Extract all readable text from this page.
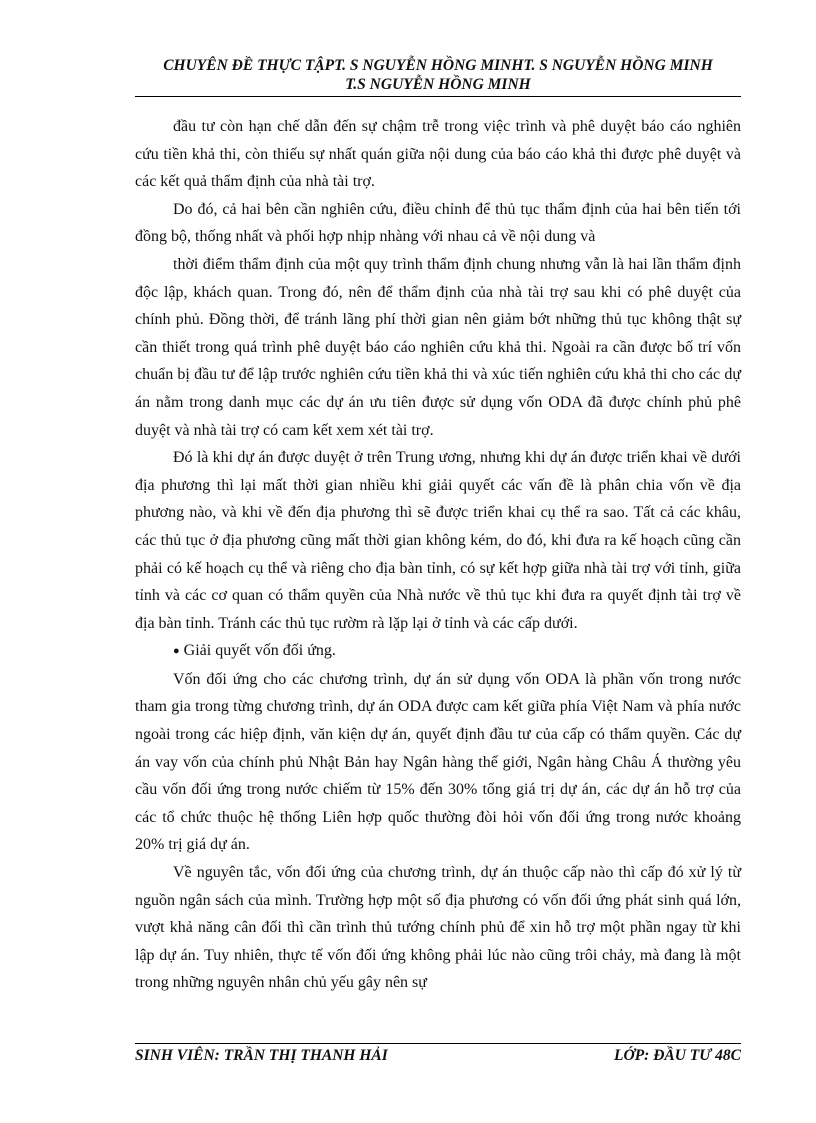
CHUYÊN ĐỀ THỰC TẬPT. S NGUYỄN HỒNG MINHT. S NGUYỄN HỒNG MINH
T.S NGUYỄN HỒNG MINH

đầu tư còn hạn chế dẫn đến sự chậm trễ trong việc trình và phê duyệt báo cáo nghiên cứu tiền khả thi, còn thiếu sự nhất quán giữa nội dung của báo cáo khả thi được phê duyệt và các kết quả thẩm định của nhà tài trợ.

Do đó, cả hai bên cần nghiên cứu, điều chỉnh để thủ tục thẩm định của hai bên tiến tới đồng bộ, thống nhất và phối hợp nhịp nhàng với nhau cả về nội dung và

thời điểm thẩm định của một quy trình thẩm định chung nhưng vẫn là hai lần thẩm định độc lập, khách quan. Trong đó, nên để thẩm định của nhà tài trợ sau khi có phê duyệt của chính phủ. Đồng thời, để tránh lãng phí thời gian nên giảm bớt những thủ tục không thật sự cần thiết trong quá trình phê duyệt báo cáo nghiên cứu khả thi. Ngoài ra cần được bố trí vốn chuẩn bị đầu tư để lập trước nghiên cứu tiền khả thi và xúc tiến nghiên cứu khả thi cho các dự án nằm trong danh mục các dự án ưu tiên được sử dụng vốn ODA đã được chính phủ phê duyệt và nhà tài trợ có cam kết xem xét tài trợ.

Đó là khi dự án được duyệt ở trên Trung ương, nhưng khi dự án được triển khai về dưới địa phương thì lại mất thời gian nhiều khi giải quyết các vấn đề là phân chia vốn về địa phương nào, và khi về đến địa phương thì sẽ được triển khai cụ thể ra sao. Tất cả các khâu, các thủ tục ở địa phương cũng mất thời gian không kém, do đó, khi đưa ra kế hoạch cũng cần phải có kế hoạch cụ thể và riêng cho địa bàn tỉnh, có sự kết hợp giữa nhà tài trợ với tỉnh, giữa tỉnh và các cơ quan có thẩm quyền của Nhà nước về thủ tục khi đưa ra quyết định tài trợ về địa bàn tỉnh. Tránh các thủ tục rườm rà lặp lại ở tỉnh và các cấp dưới.

● Giải quyết vốn đối ứng.

Vốn đối ứng cho các chương trình, dự án sử dụng vốn ODA là phần vốn trong nước tham gia trong từng chương trình, dự án ODA được cam kết giữa phía Việt Nam và phía nước ngoài trong các hiệp định, văn kiện dự án, quyết định đầu tư của cấp có thẩm quyền. Các dự án vay vốn của chính phủ Nhật Bản hay Ngân hàng thế giới, Ngân hàng Châu Á thường yêu cầu vốn đối ứng trong nước chiếm từ 15% đến 30% tổng giá trị dự án, các dự án hỗ trợ của các tổ chức thuộc hệ thống Liên hợp quốc thường đòi hỏi vốn đối ứng trong nước khoảng 20% trị giá dự án.

Về nguyên tắc, vốn đối ứng của chương trình, dự án thuộc cấp nào thì cấp đó xử lý từ nguồn ngân sách của mình. Trường hợp một số địa phương có vốn đối ứng phát sinh quá lớn, vượt khả năng cân đối thì cần trình thủ tướng chính phủ để xin hỗ trợ một phần ngay từ khi lập dự án. Tuy nhiên, thực tế vốn đối ứng không phải lúc nào cũng trôi chảy, mà đang là một trong những nguyên nhân chủ yếu gây nên sự

SINH VIÊN: TRẦN THỊ THANH HẢI	LỚP: ĐẦU TƯ 48C
